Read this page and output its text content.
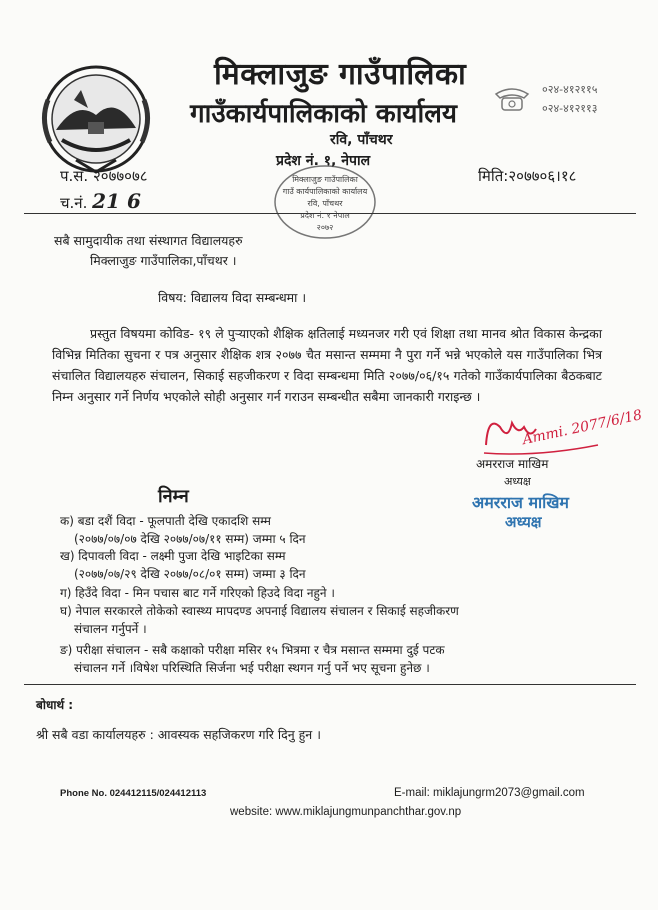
मिक्लाजुङ गाउँपालिका
गाउँकार्यपालिकाको कार्यालय
०२४-४१२११५
०२४-४१२११३
रवि, पाँचथर
प्रदेश नं. १, नेपाल
मिक्लाजुङ गाउँपालिका
गाउँ कार्यपालिकाको कार्यालय
रवि, पाँचथर
प्रदेश नं. १ नेपाल
२०७२
प.सं. २०७७०७८
च.नं. 21 6
मिति:२०७७०६।१८
सबै सामुदायीक तथा संस्थागत विद्यालयहरु
मिक्लाजुङ गाउँपालिका,पाँचथर ।
विषय: विद्यालय विदा सम्बन्धमा ।
प्रस्तुत विषयमा कोविड- १९ ले पुऱ्याएको शैक्षिक क्षतिलाई मध्यनजर गरी एवं शिक्षा तथा मानव श्रोत विकास केन्द्रका विभिन्न मितिका सुचना र पत्र अनुसार शैक्षिक शत्र २०७७ चैत मसान्त सम्ममा नै पुरा गर्ने भन्ने भएकोले यस गाउँपालिका भित्र संचालित विद्यालयहरु संचालन, सिकाई सहजीकरण र विदा सम्बन्धमा मिति २०७७/०६/१५ गतेको गाउँकार्यपालिका बैठकबाट निम्न अनुसार गर्ने निर्णय भएकोले सोही अनुसार गर्न गराउन सम्बन्धीत सबैमा जानकारी गराइन्छ ।
Ammi. 2077/6/18
अमरराज माखिम
अध्यक्ष
अमरराज माखिम
अध्यक्ष
निम्न
क) बडा दशैं विदा - फूलपाती देखि एकादशि सम्म
(२०७७/०७/०७ देखि २०७७/०७/११ सम्म) जम्मा ५ दिन
ख) दिपावली विदा - लक्ष्मी पुजा देखि भाइटिका सम्म
(२०७७/०७/२९ देखि २०७७/०८/०१ सम्म) जम्मा ३ दिन
ग) हिउँदे विदा - मिन पचास बाट गर्ने गरिएको हिउदे विदा नहुने ।
घ) नेपाल सरकारले तोकेको स्वास्थ्य मापदण्ड अपनाई विद्यालय संचालन र सिकाई सहजीकरण
संचालन गर्नुपर्ने ।
ङ) परीक्षा संचालन - सबै कक्षाको परीक्षा मसिर १५ भित्रमा र चैत्र मसान्त सम्ममा दुई पटक
संचालन गर्ने ।विषेश परिस्थिति सिर्जना भई परीक्षा स्थगन गर्नु पर्ने भए सूचना हुनेछ ।
बोधार्थ :
श्री सबै वडा कार्यालयहरु : आवस्यक सहजिकरण गरि दिनु हुन ।
Phone No. 024412115/024412113	E-mail: miklajungrm2073@gmail.com
website: www.miklajungmunpanchthar.gov.np
